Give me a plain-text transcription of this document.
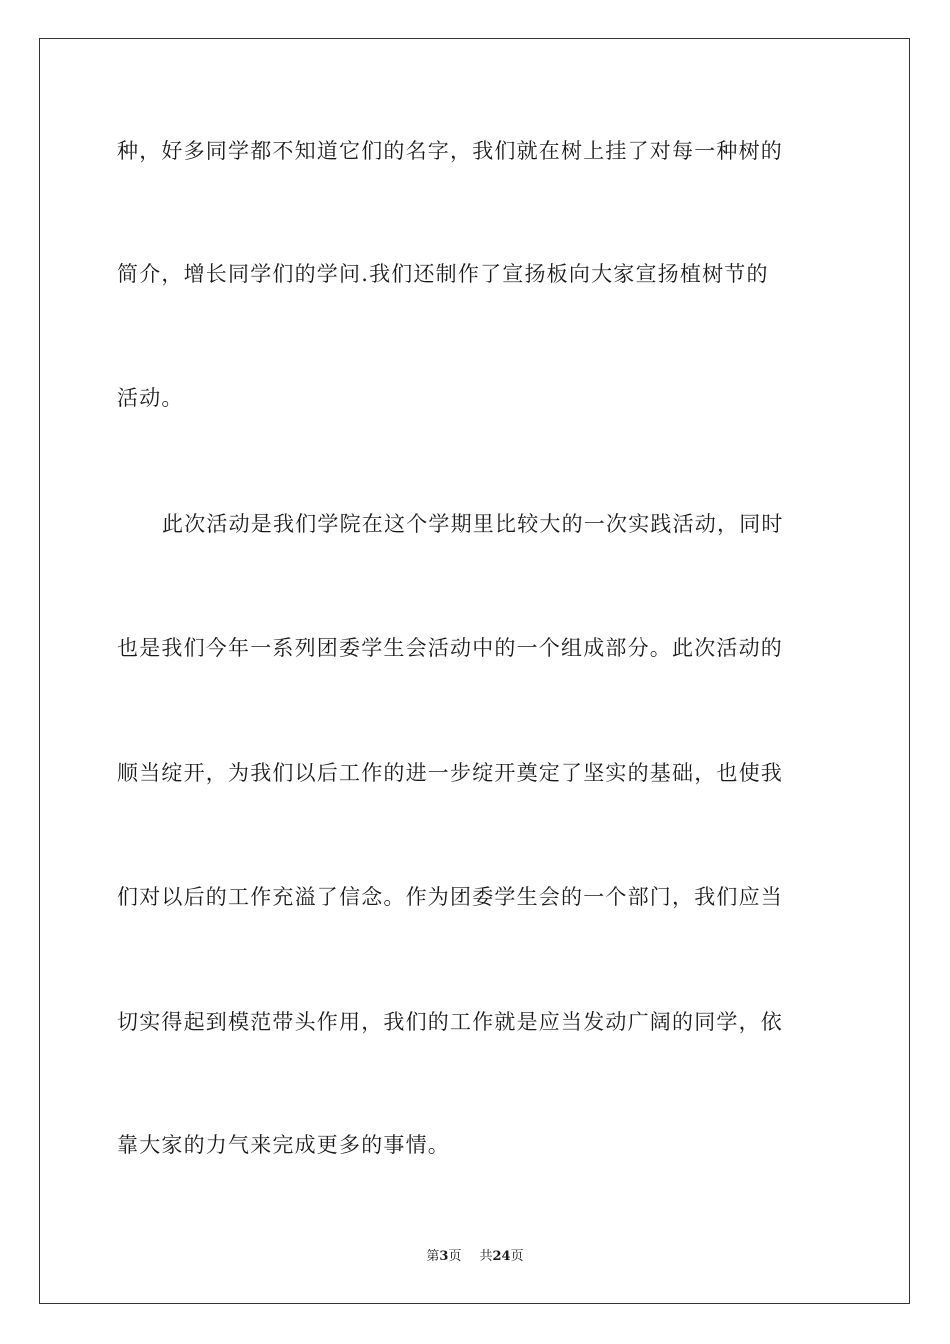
种，好多同学都不知道它们的名字，我们就在树上挂了对每一种树的
简介，增长同学们的学问.我们还制作了宣扬板向大家宣扬植树节的
活动。
此次活动是我们学院在这个学期里比较大的一次实践活动，同时
也是我们今年一系列团委学生会活动中的一个组成部分。此次活动的
顺当绽开，为我们以后工作的进一步绽开奠定了坚实的基础，也使我
们对以后的工作充溢了信念。作为团委学生会的一个部门，我们应当
切实得起到模范带头作用，我们的工作就是应当发动广阔的同学，依
靠大家的力气来完成更多的事情。
第3页 共24页
